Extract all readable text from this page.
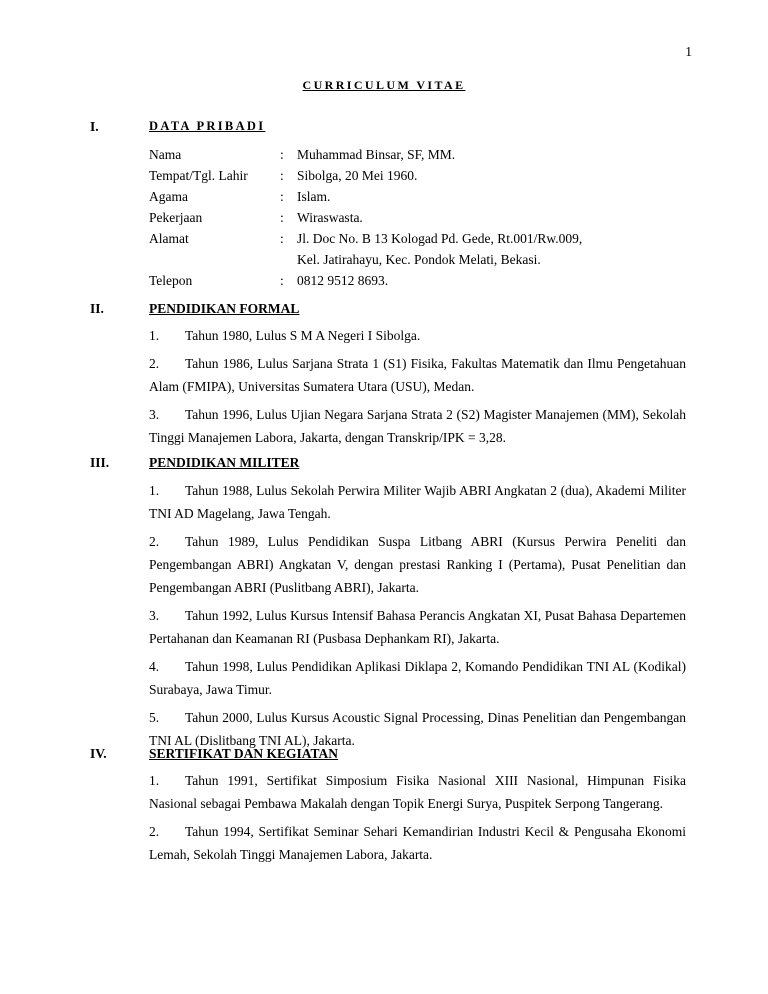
1
CURRICULUM VITAE
I.	DATA PRIBADI
Nama	: Muhammad Binsar, SF, MM.
Tempat/Tgl. Lahir : Sibolga, 20 Mei 1960.
Agama	: Islam.
Pekerjaan	: Wiraswasta.
Alamat	: Jl. Doc No. B 13 Kologad Pd. Gede, Rt.001/Rw.009,
Kel. Jatirahayu, Kec. Pondok Melati, Bekasi.
Telepon	: 0812 9512 8693.
II.	PENDIDIKAN FORMAL

1. Tahun 1980, Lulus S M A Negeri I Sibolga.

2. Tahun 1986, Lulus Sarjana Strata 1 (S1) Fisika, Fakultas Matematik dan Ilmu Pengetahuan Alam (FMIPA), Universitas Sumatera Utara (USU), Medan.

3. Tahun 1996, Lulus Ujian Negara Sarjana Strata 2 (S2) Magister Manajemen (MM), Sekolah Tinggi Manajemen Labora, Jakarta, dengan Transkrip/IPK = 3,28.

III.	PENDIDIKAN MILITER

1. Tahun 1988, Lulus Sekolah Perwira Militer Wajib ABRI Angkatan 2 (dua), Akademi Militer TNI AD Magelang, Jawa Tengah.

2. Tahun 1989, Lulus Pendidikan Suspa Litbang ABRI (Kursus Perwira Peneliti dan Pengembangan ABRI) Angkatan V, dengan prestasi Ranking I (Pertama), Pusat Penelitian dan Pengembangan ABRI (Puslitbang ABRI), Jakarta.

3. Tahun 1992, Lulus Kursus Intensif Bahasa Perancis Angkatan XI, Pusat Bahasa Departemen Pertahanan dan Keamanan RI (Pusbasa Dephankam RI), Jakarta.

4. Tahun 1998, Lulus Pendidikan Aplikasi Diklapa 2, Komando Pendidikan TNI AL (Kodikal) Surabaya, Jawa Timur.

5. Tahun 2000, Lulus Kursus Acoustic Signal Processing, Dinas Penelitian dan Pengembangan TNI AL (Dislitbang TNI AL), Jakarta.

IV.	SERTIFIKAT DAN KEGIATAN

1. Tahun 1991, Sertifikat Simposium Fisika Nasional XIII Nasional, Himpunan Fisika Nasional sebagai Pembawa Makalah dengan Topik Energi Surya, Puspitek Serpong Tangerang.

2. Tahun 1994, Sertifikat Seminar Sehari Kemandirian Industri Kecil & Pengusaha Ekonomi Lemah, Sekolah Tinggi Manajemen Labora, Jakarta.
